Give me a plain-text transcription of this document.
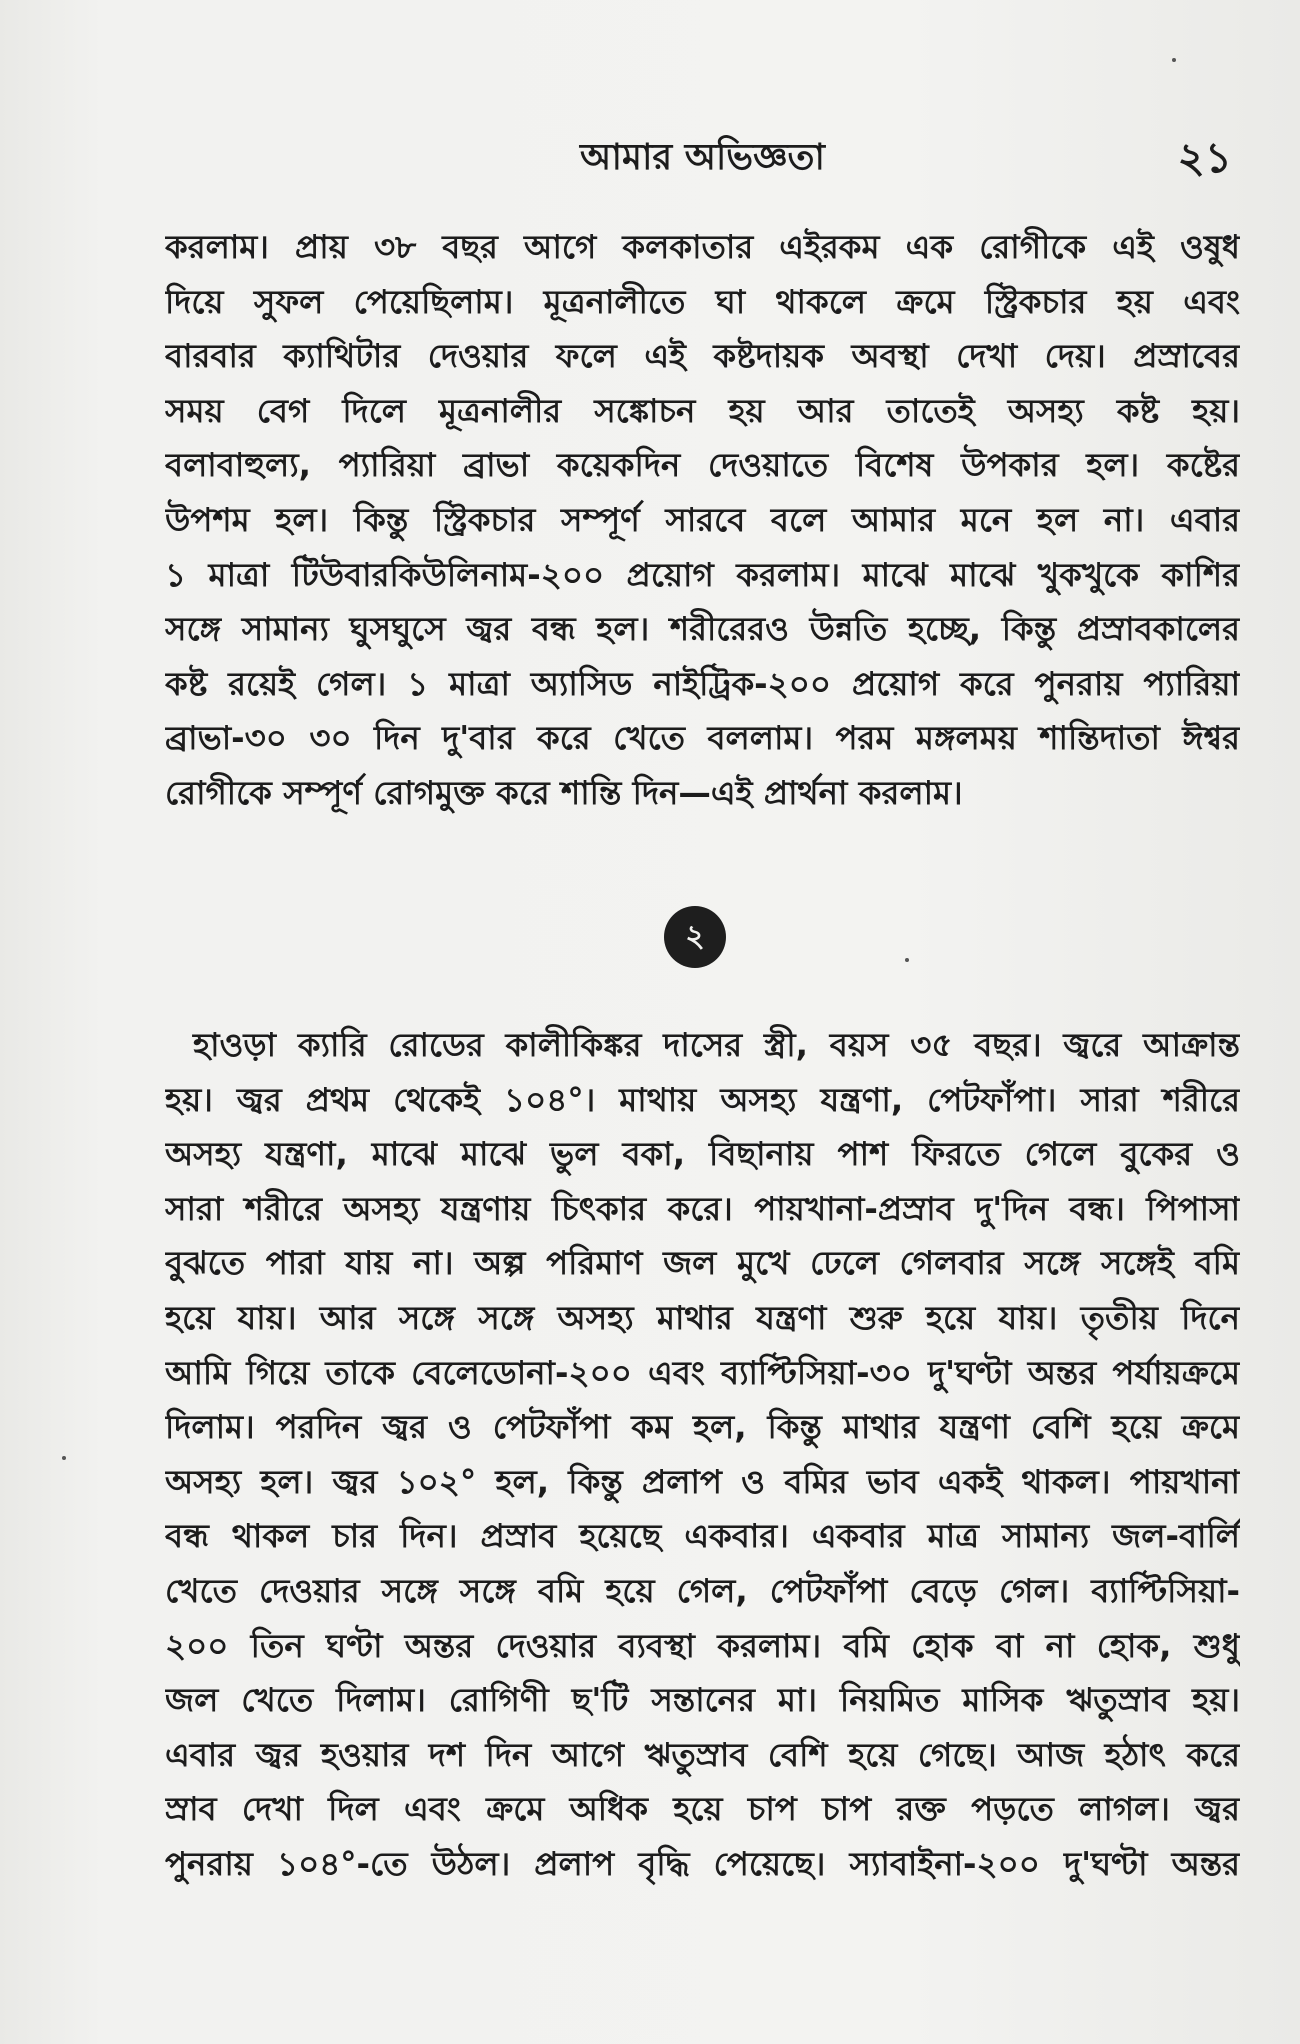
আমার অভিজ্ঞতা	২১
করলাম। প্রায় ৩৮ বছর আগে কলকাতার এইরকম এক রোগীকে এই ওষুধ
দিয়ে সুফল পেয়েছিলাম। মূত্রনালীতে ঘা থাকলে ক্রমে স্ট্রিকচার হয় এবং
বারবার ক্যাথিটার দেওয়ার ফলে এই কষ্টদায়ক অবস্থা দেখা দেয়। প্রস্রাবের
সময় বেগ দিলে মূত্রনালীর সঙ্কোচন হয় আর তাতেই অসহ্য কষ্ট হয়।
বলাবাহুল্য, প্যারিয়া ব্রাভা কয়েকদিন দেওয়াতে বিশেষ উপকার হল। কষ্টের
উপশম হল। কিন্তু স্ট্রিকচার সম্পূর্ণ সারবে বলে আমার মনে হল না। এবার
১ মাত্রা টিউবারকিউলিনাম-২০০ প্রয়োগ করলাম। মাঝে মাঝে খুকখুকে কাশির
সঙ্গে সামান্য ঘুসঘুসে জ্বর বন্ধ হল। শরীরেরও উন্নতি হচ্ছে, কিন্তু প্রস্রাবকালের
কষ্ট রয়েই গেল। ১ মাত্রা অ্যাসিড নাইট্রিক-২০০ প্রয়োগ করে পুনরায় প্যারিয়া
ব্রাভা-৩০ ৩০ দিন দু'বার করে খেতে বললাম। পরম মঙ্গলময় শান্তিদাতা ঈশ্বর
রোগীকে সম্পূর্ণ রোগমুক্ত করে শান্তি দিন—এই প্রার্থনা করলাম।
২
হাওড়া ক্যারি রোডের কালীকিঙ্কর দাসের স্ত্রী, বয়স ৩৫ বছর। জ্বরে আক্রান্ত
হয়। জ্বর প্রথম থেকেই ১০৪°। মাথায় অসহ্য যন্ত্রণা, পেটফাঁপা। সারা শরীরে
অসহ্য যন্ত্রণা, মাঝে মাঝে ভুল বকা, বিছানায় পাশ ফিরতে গেলে বুকের ও
সারা শরীরে অসহ্য যন্ত্রণায় চিৎকার করে। পায়খানা-প্রস্রাব দু'দিন বন্ধ। পিপাসা
বুঝতে পারা যায় না। অল্প পরিমাণ জল মুখে ঢেলে গেলবার সঙ্গে সঙ্গেই বমি
হয়ে যায়। আর সঙ্গে সঙ্গে অসহ্য মাথার যন্ত্রণা শুরু হয়ে যায়। তৃতীয় দিনে
আমি গিয়ে তাকে বেলেডোনা-২০০ এবং ব্যাপ্টিসিয়া-৩০ দু'ঘণ্টা অন্তর পর্যায়ক্রমে
দিলাম। পরদিন জ্বর ও পেটফাঁপা কম হল, কিন্তু মাথার যন্ত্রণা বেশি হয়ে ক্রমে
অসহ্য হল। জ্বর ১০২° হল, কিন্তু প্রলাপ ও বমির ভাব একই থাকল। পায়খানা
বন্ধ থাকল চার দিন। প্রস্রাব হয়েছে একবার। একবার মাত্র সামান্য জল-বার্লি
খেতে দেওয়ার সঙ্গে সঙ্গে বমি হয়ে গেল, পেটফাঁপা বেড়ে গেল। ব্যাপ্টিসিয়া-
২০০ তিন ঘণ্টা অন্তর দেওয়ার ব্যবস্থা করলাম। বমি হোক বা না হোক, শুধু
জল খেতে দিলাম। রোগিণী ছ'টি সন্তানের মা। নিয়মিত মাসিক ঋতুস্রাব হয়।
এবার জ্বর হওয়ার দশ দিন আগে ঋতুস্রাব বেশি হয়ে গেছে। আজ হঠাৎ করে
স্রাব দেখা দিল এবং ক্রমে অধিক হয়ে চাপ চাপ রক্ত পড়তে লাগল। জ্বর
পুনরায় ১০৪°-তে উঠল। প্রলাপ বৃদ্ধি পেয়েছে। স্যাবাইনা-২০০ দু'ঘণ্টা অন্তর
